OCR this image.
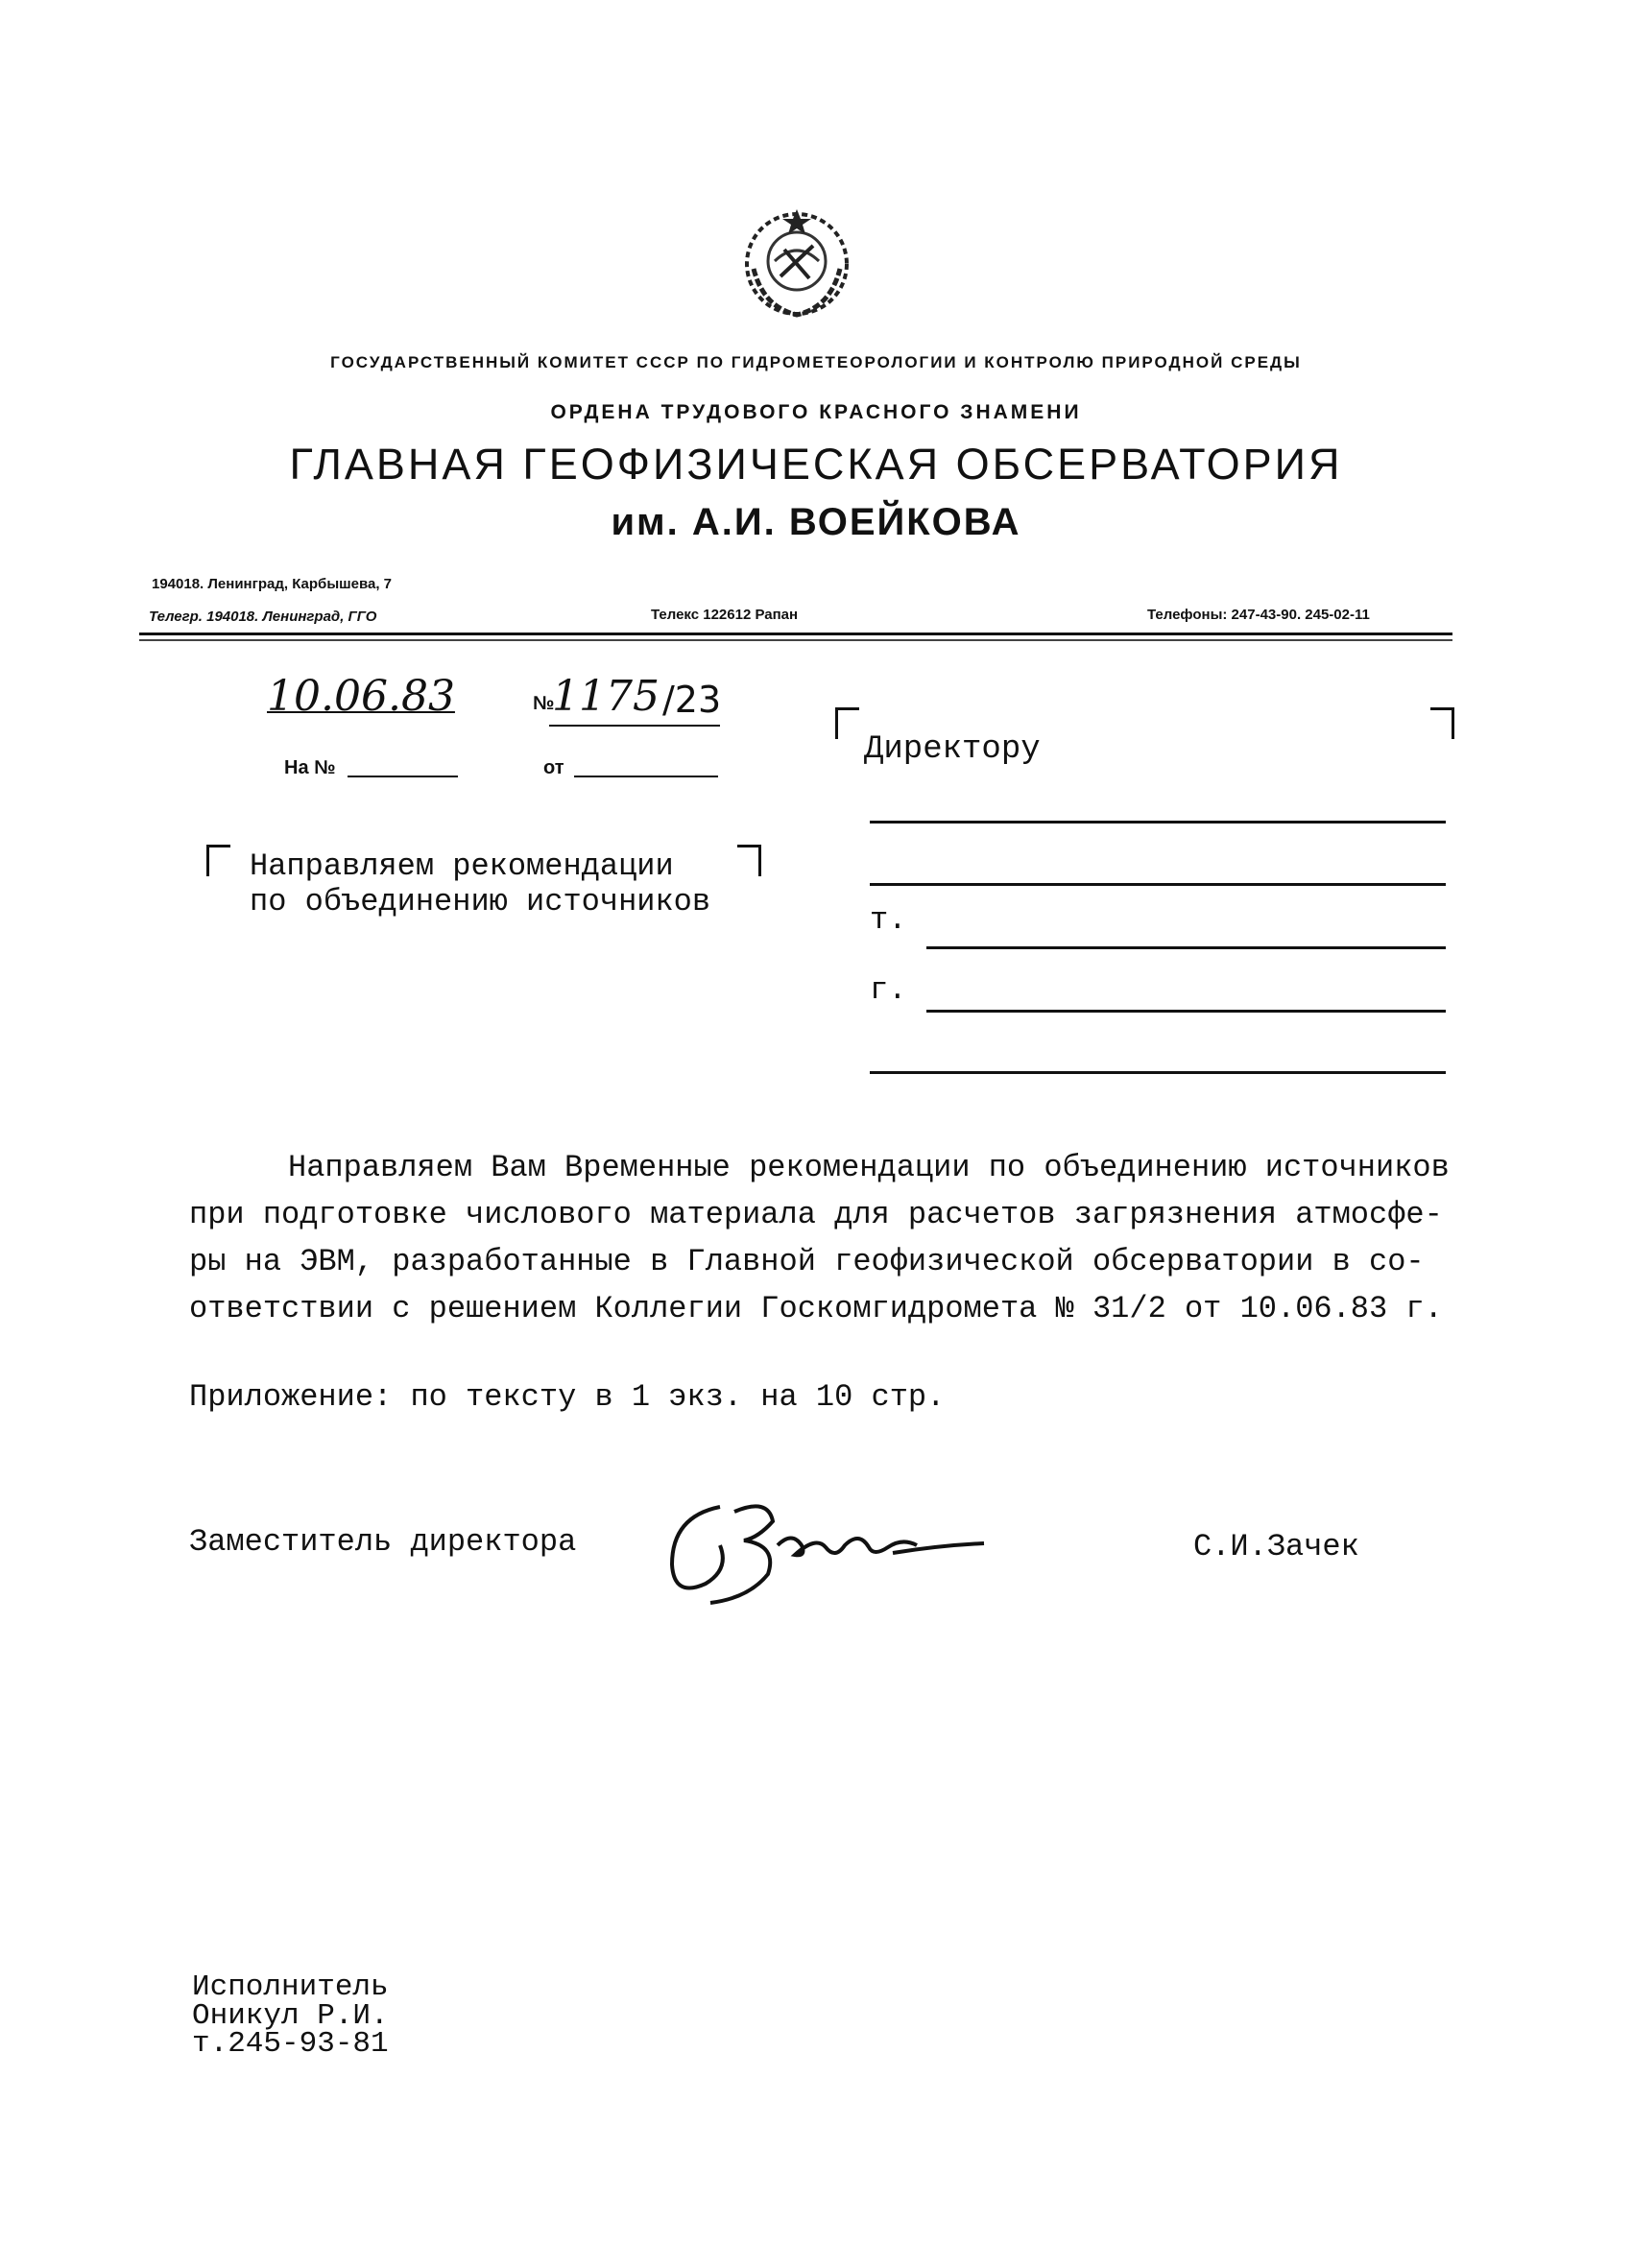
ГОСУДАРСТВЕННЫЙ КОМИТЕТ СССР ПО ГИДРОМЕТЕОРОЛОГИИ И КОНТРОЛЮ ПРИРОДНОЙ СРЕДЫ
ОРДЕНА ТРУДОВОГО КРАСНОГО ЗНАМЕНИ
ГЛАВНАЯ ГЕОФИЗИЧЕСКАЯ ОБСЕРВАТОРИЯ
им. А.И. ВОЕЙКОВА
194018. Ленинград, Карбышева, 7
Телегр. 194018. Ленинград, ГГО	Телекс 122612 Рапан	Телефоны: 247-43-90. 245-02-11
10.06.83	№
1175 /23
На №	от	Директору
т.
г.
Направляем рекомендации
по объединению источников
Направляем Вам Временные рекомендации по объединению источников
при подготовке числового материала для расчетов загрязнения атмосфе-
ры на ЭВМ, разработанные в Главной геофизической обсерватории в со-
ответствии с решением Коллегии Госкомгидромета № 31/2 от 10.06.83 г.
Приложение: по тексту в 1 экз. на 10 стр.
Заместитель директора	С.И.Зачек
Исполнитель
Оникул Р.И.
т.245-93-81
